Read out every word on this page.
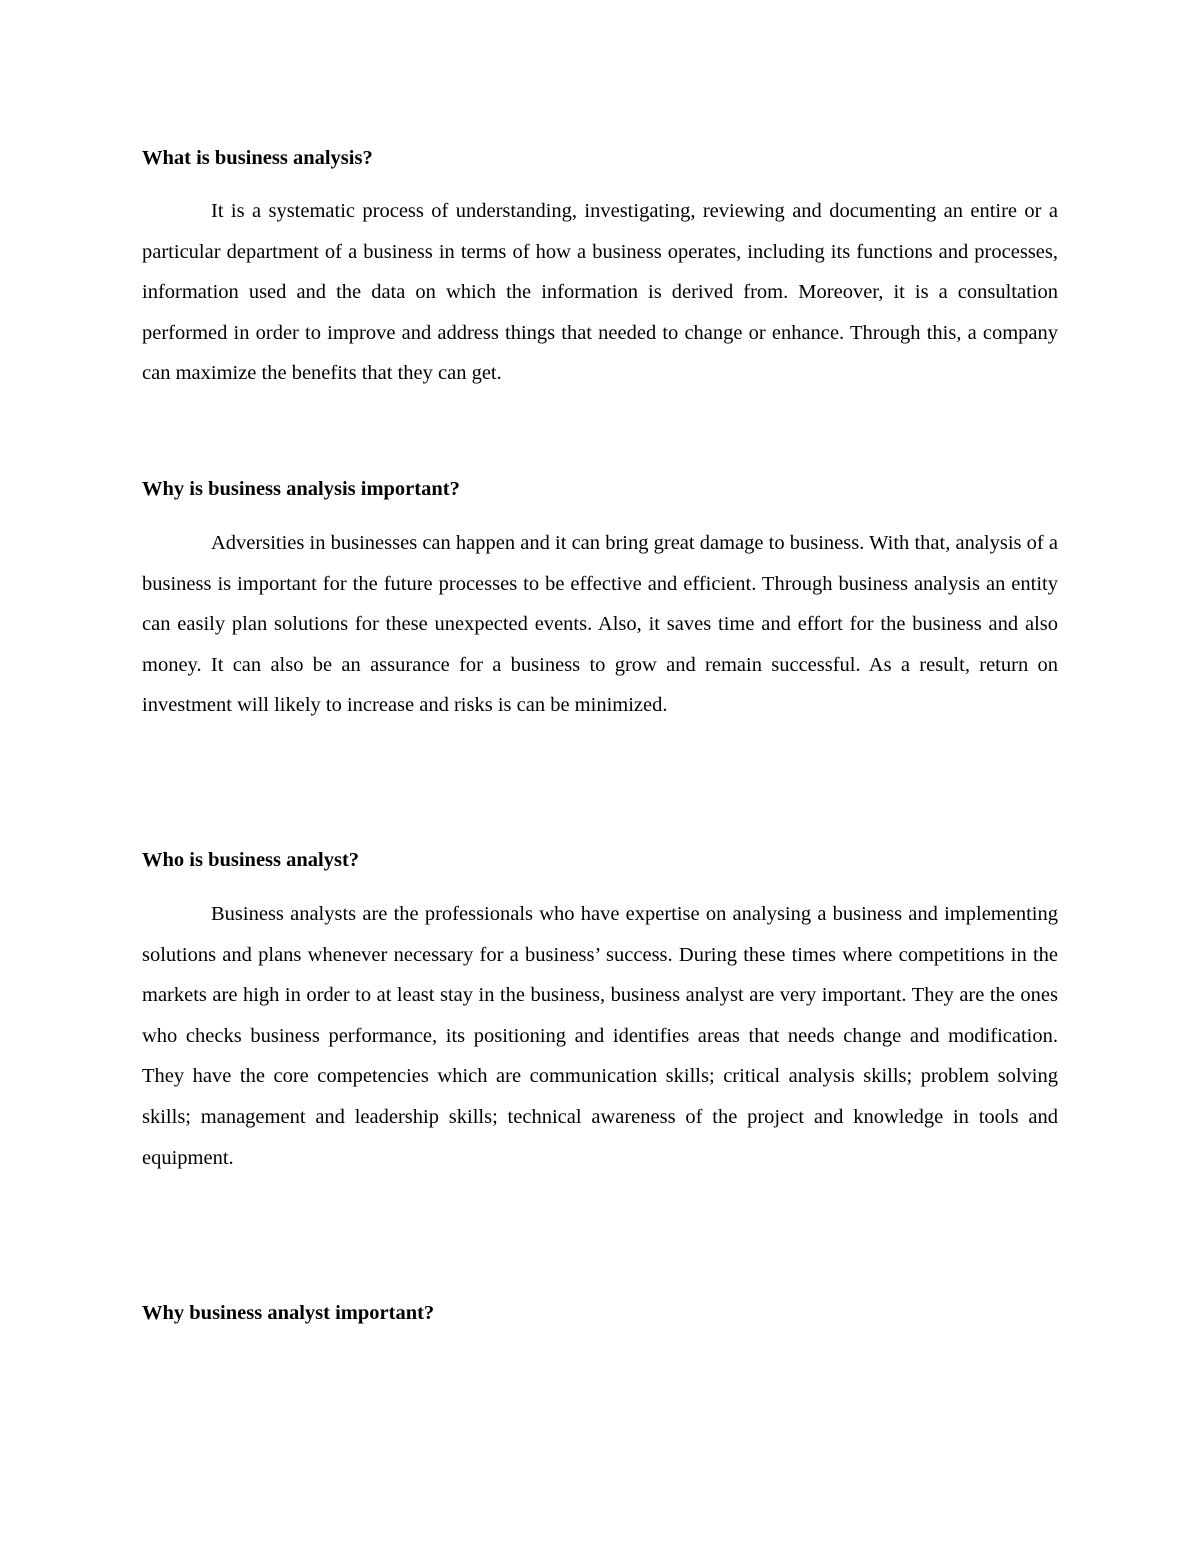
What is business analysis?

It is a systematic process of understanding, investigating, reviewing and documenting an entire or a particular department of a business in terms of how a business operates, including its functions and processes, information used and the data on which the information is derived from. Moreover, it is a consultation performed in order to improve and address things that needed to change or enhance. Through this, a company can maximize the benefits that they can get.

Why is business analysis important?

Adversities in businesses can happen and it can bring great damage to business. With that, analysis of a business is important for the future processes to be effective and efficient. Through business analysis an entity can easily plan solutions for these unexpected events. Also, it saves time and effort for the business and also money. It can also be an assurance for a business to grow and remain successful. As a result, return on investment will likely to increase and risks is can be minimized.

Who is business analyst?

Business analysts are the professionals who have expertise on analysing a business and implementing solutions and plans whenever necessary for a business’ success. During these times where competitions in the markets are high in order to at least stay in the business, business analyst are very important. They are the ones who checks business performance, its positioning and identifies areas that needs change and modification. They have the core competencies which are communication skills; critical analysis skills; problem solving skills; management and leadership skills; technical awareness of the project and knowledge in tools and equipment.

Why business analyst important?
